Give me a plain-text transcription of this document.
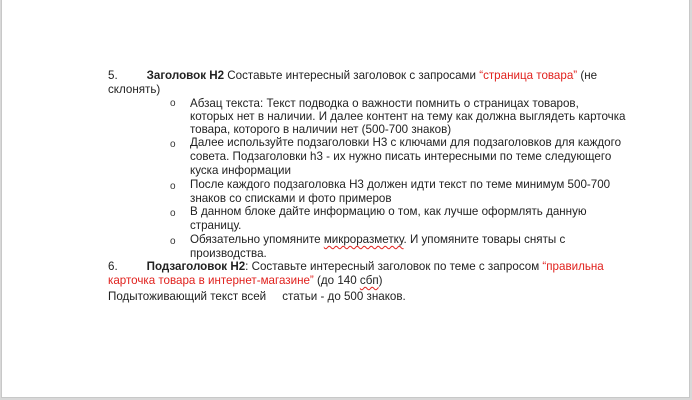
5.	Заголовок H2 Составьте интересный заголовок с запросами “страница товара” (не
склонять)
o Абзац текста: Текст подводка о важности помнить о страницах товаров,
которых нет в наличии. И далее контент на тему как должна выглядеть карточка
товара, которого в наличии нет (500-700 знаков)
o Далее используйте подзаголовки H3 с ключами для подзаголовков для каждого
совета. Подзаголовки h3 - их нужно писать интересными по теме следующего
куска информации
o После каждого подзаголовка H3 должен идти текст по теме минимум 500-700
знаков со списками и фото примеров
o В данном блоке дайте информацию о том, как лучше оформлять данную
страницу.
o Обязательно упомяните микроразметку. И упомяните товары сняты с
производства.
6.	Подзаголовок H2: Составьте интересный заголовок по теме с запросом “правильна
карточка товара в интернет-магазине” (до 140 сбп)
Подытоживающий текст всей     статьи - до 500 знаков.
